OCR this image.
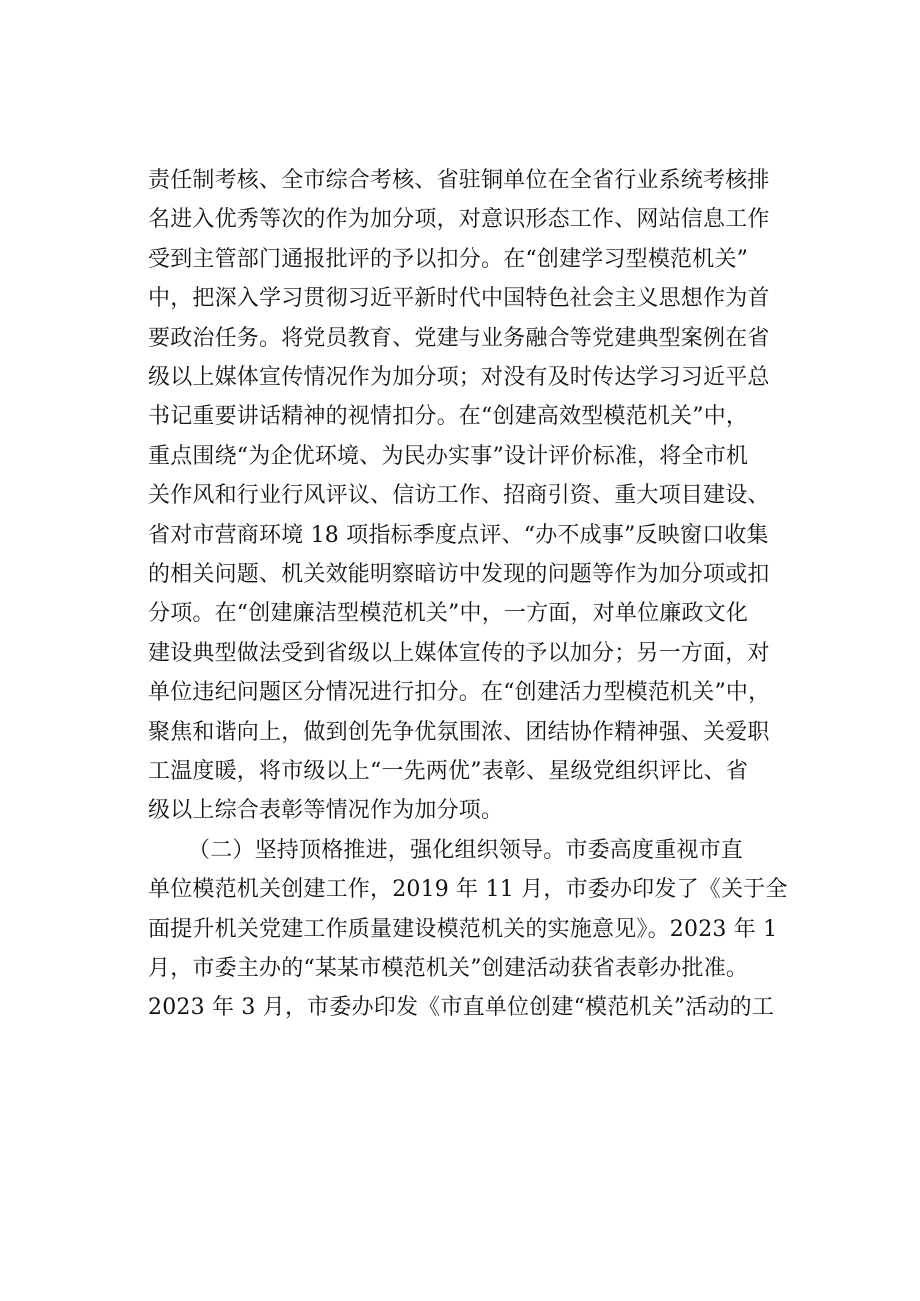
责任制考核、全市综合考核、省驻铜单位在全省行业系统考核排
名进入优秀等次的作为加分项，对意识形态工作、网站信息工作
受到主管部门通报批评的予以扣分。在“创建学习型模范机关”
中，把深入学习贯彻习近平新时代中国特色社会主义思想作为首
要政治任务。将党员教育、党建与业务融合等党建典型案例在省
级以上媒体宣传情况作为加分项；对没有及时传达学习习近平总
书记重要讲话精神的视情扣分。在“创建高效型模范机关”中，
重点围绕“为企优环境、为民办实事”设计评价标准，将全市机
关作风和行业行风评议、信访工作、招商引资、重大项目建设、
省对市营商环境 18 项指标季度点评、“办不成事”反映窗口收集
的相关问题、机关效能明察暗访中发现的问题等作为加分项或扣
分项。在“创建廉洁型模范机关”中，一方面，对单位廉政文化
建设典型做法受到省级以上媒体宣传的予以加分；另一方面，对
单位违纪问题区分情况进行扣分。在“创建活力型模范机关”中，
聚焦和谐向上，做到创先争优氛围浓、团结协作精神强、关爱职
工温度暖，将市级以上“一先两优”表彰、星级党组织评比、省
级以上综合表彰等情况作为加分项。
（二）坚持顶格推进，强化组织领导。市委高度重视市直
单位模范机关创建工作，2019 年 11 月，市委办印发了《关于全
面提升机关党建工作质量建设模范机关的实施意见》。2023 年 1
月，市委主办的“某某市模范机关”创建活动获省表彰办批准。
2023 年 3 月，市委办印发《市直单位创建“模范机关”活动的工
